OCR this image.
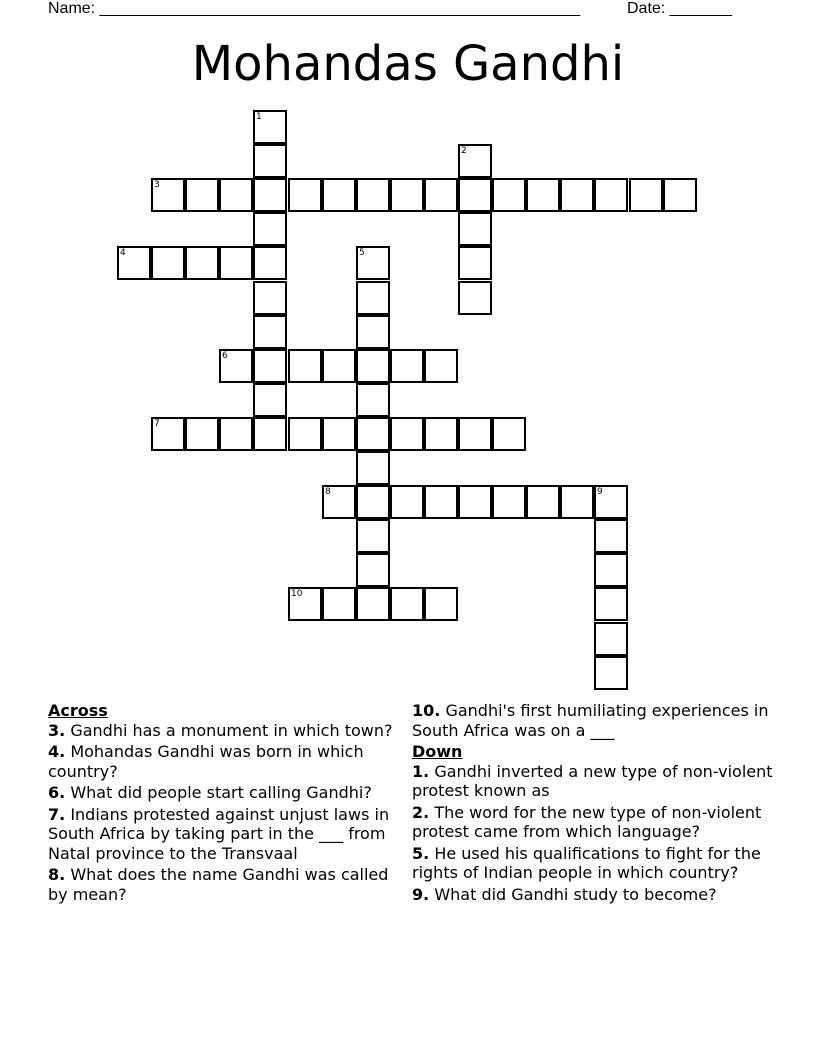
Name: ______________________________________________________	Date: _______
Mohandas Gandhi
1
2
3
4	5
6
7
8	9
10
Across
3. Gandhi has a monument in which town?
4. Mohandas Gandhi was born in which country?
6. What did people start calling Gandhi?
7. Indians protested against unjust laws in South Africa by taking part in the ___ from Natal province to the Transvaal
8. What does the name Gandhi was called by mean?
10. Gandhi's first humiliating experiences in South Africa was on a ___
Down
1. Gandhi inverted a new type of non-violent protest known as
2. The word for the new type of non-violent protest came from which language?
5. He used his qualifications to fight for the rights of Indian people in which country?
9. What did Gandhi study to become?
